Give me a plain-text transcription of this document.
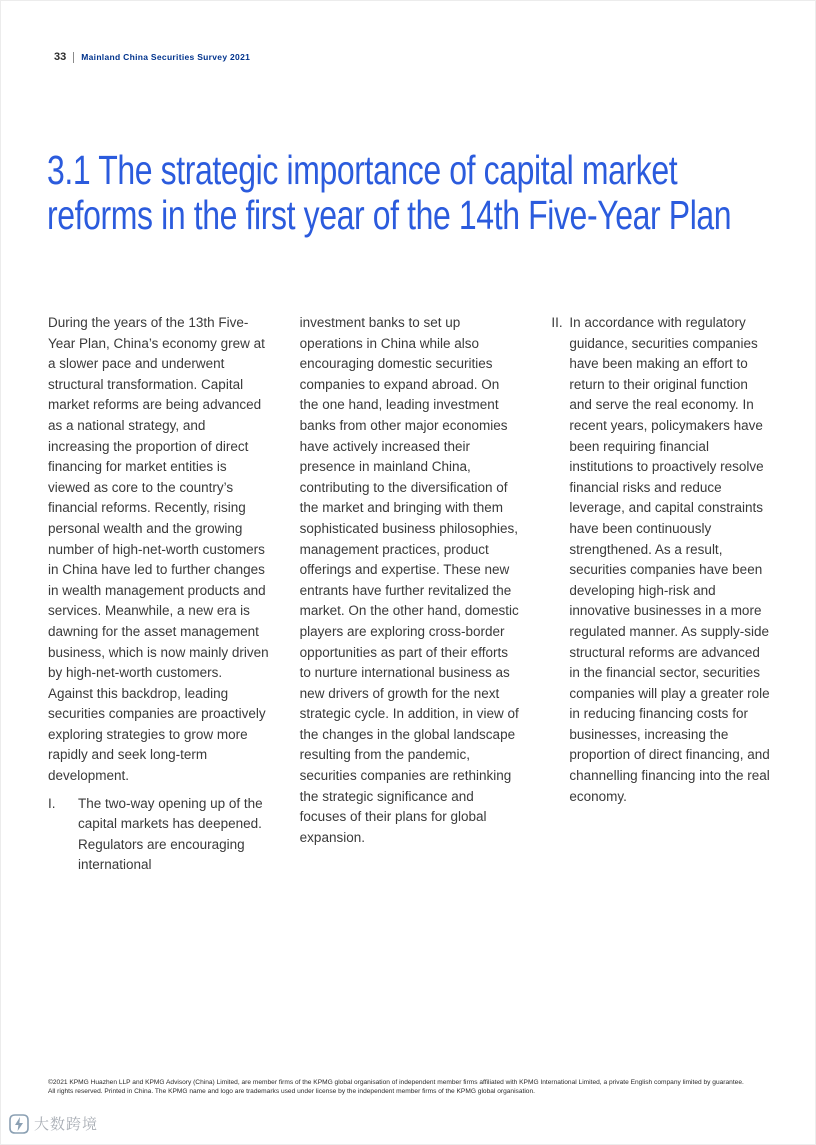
33 Mainland China Securities Survey 2021
3.1 The strategic importance of capital market
reforms in the first year of the 14th Five-Year Plan

During the years of the 13th Five-Year Plan, China’s economy grew at a slower pace and underwent structural transformation. Capital market reforms are being advanced as a national strategy, and increasing the proportion of direct financing for market entities is viewed as core to the country’s financial reforms. Recently, rising personal wealth and the growing number of high-net-worth customers in China have led to further changes in wealth management products and services. Meanwhile, a new era is dawning for the asset management business, which is now mainly driven by high-net-worth customers. Against this backdrop, leading securities companies are proactively exploring strategies to grow more rapidly and seek long-term development.

I.	The two-way opening up of the capital markets has deepened. Regulators are encouraging international

investment banks to set up operations in China while also encouraging domestic securities companies to expand abroad. On the one hand, leading investment banks from other major economies have actively increased their presence in mainland China, contributing to the diversification of the market and bringing with them sophisticated business philosophies, management practices, product offerings and expertise. These new entrants have further revitalized the market. On the other hand, domestic players are exploring cross-border opportunities as part of their efforts to nurture international business as new drivers of growth for the next strategic cycle. In addition, in view of the changes in the global landscape resulting from the pandemic, securities companies are rethinking the strategic significance and focuses of their plans for global expansion.

II. In accordance with regulatory guidance, securities companies have been making an effort to return to their original function and serve the real economy. In recent years, policymakers have been requiring financial institutions to proactively resolve financial risks and reduce leverage, and capital constraints have been continuously strengthened. As a result, securities companies have been developing high-risk and innovative businesses in a more regulated manner. As supply-side structural reforms are advanced in the financial sector, securities companies will play a greater role in reducing financing costs for businesses, increasing the proportion of direct financing, and channelling financing into the real economy.

©2021 KPMG Huazhen LLP and KPMG Advisory (China) Limited, are member firms of the KPMG global organisation of independent member firms affiliated with KPMG International Limited, a private English company limited by guarantee. All rights reserved. Printed in China. The KPMG name and logo are trademarks used under license by the independent member firms of the KPMG global organisation.

大数跨境
